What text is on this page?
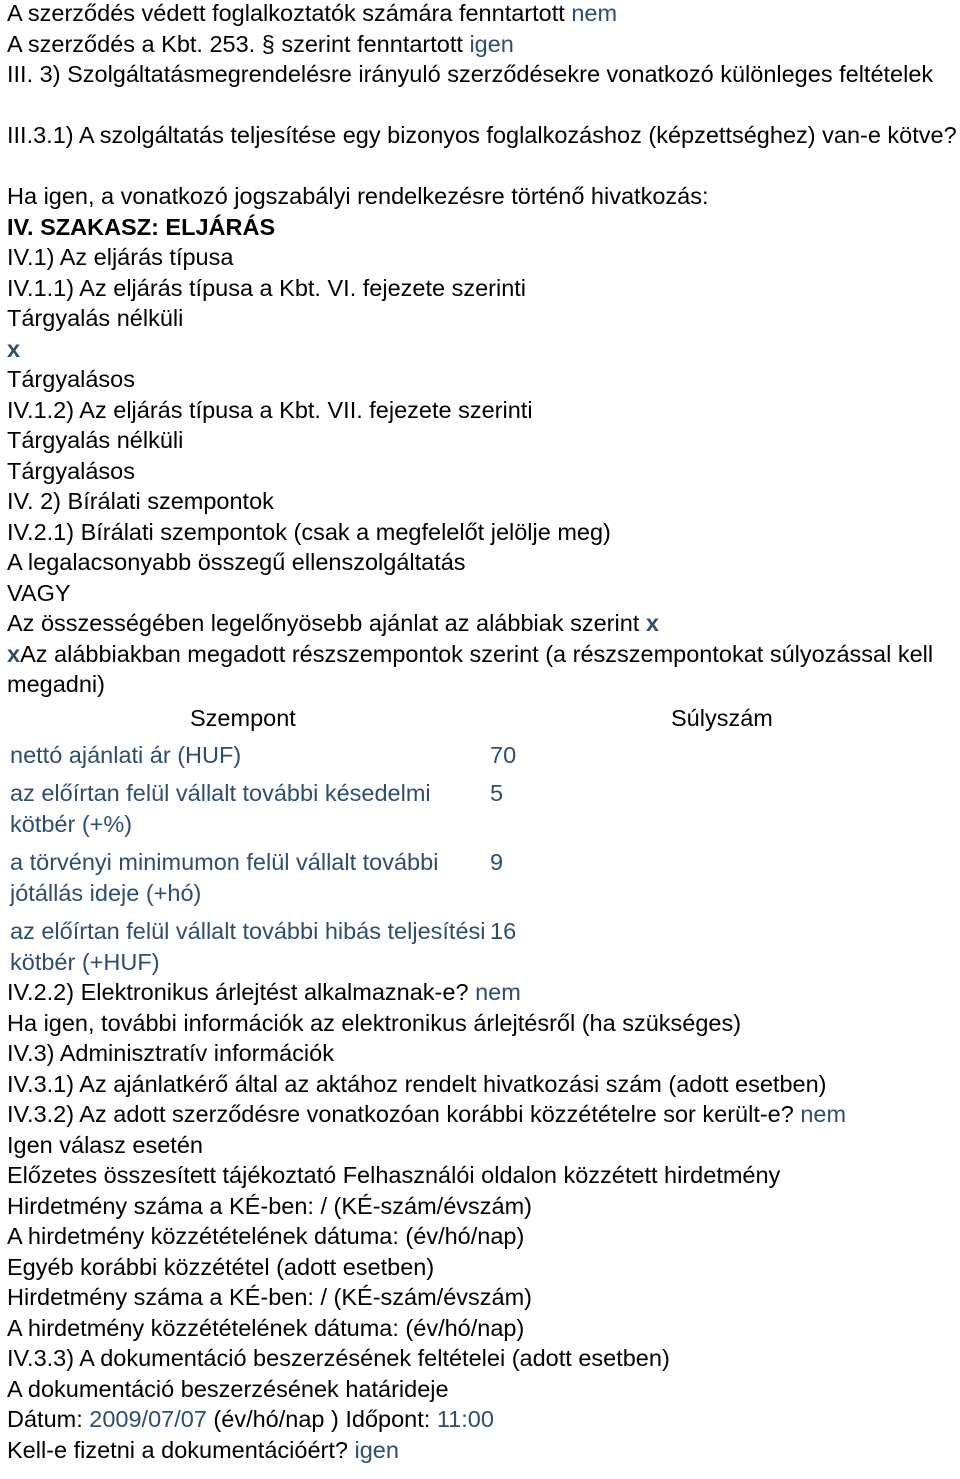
A szerződés védett foglalkoztatók számára fenntartott nem
A szerződés a Kbt. 253. § szerint fenntartott igen
III. 3) Szolgáltatásmegrendelésre irányuló szerződésekre vonatkozó különleges feltételek
III.3.1) A szolgáltatás teljesítése egy bizonyos foglalkozáshoz (képzettséghez) van-e kötve?
Ha igen, a vonatkozó jogszabályi rendelkezésre történő hivatkozás:
IV. SZAKASZ: ELJÁRÁS
IV.1) Az eljárás típusa
IV.1.1) Az eljárás típusa a Kbt. VI. fejezete szerinti
Tárgyalás nélküli
x
Tárgyalásos
IV.1.2) Az eljárás típusa a Kbt. VII. fejezete szerinti
Tárgyalás nélküli
Tárgyalásos
IV. 2) Bírálati szempontok
IV.2.1) Bírálati szempontok (csak a megfelelőt jelölje meg)
A legalacsonyabb összegű ellenszolgáltatás
VAGY
Az összességében legelőnyösebb ajánlat az alábbiak szerint x
xAz alábbiakban megadott részszempontok szerint (a részszempontokat súlyozással kell megadni)
Szempont	Súlyszám
nettó ajánlati ár (HUF)	70
az előírtan felül vállalt további késedelmi kötbér (+%)	5
a törvényi minimumon felül vállalt további jótállás ideje (+hó)	9
az előírtan felül vállalt további hibás teljesítési kötbér (+HUF)	16
IV.2.2) Elektronikus árlejtést alkalmaznak-e? nem
Ha igen, további információk az elektronikus árlejtésről (ha szükséges)
IV.3) Adminisztratív információk
IV.3.1) Az ajánlatkérő által az aktához rendelt hivatkozási szám (adott esetben)
IV.3.2) Az adott szerződésre vonatkozóan korábbi közzétételre sor került-e? nem
Igen válasz esetén
Előzetes összesített tájékoztató Felhasználói oldalon közzétett hirdetmény
Hirdetmény száma a KÉ-ben: / (KÉ-szám/évszám)
A hirdetmény közzétételének dátuma: (év/hó/nap)
Egyéb korábbi közzététel (adott esetben)
Hirdetmény száma a KÉ-ben: / (KÉ-szám/évszám)
A hirdetmény közzétételének dátuma: (év/hó/nap)
IV.3.3) A dokumentáció beszerzésének feltételei (adott esetben)
A dokumentáció beszerzésének határideje
Dátum: 2009/07/07 (év/hó/nap ) Időpont: 11:00
Kell-e fizetni a dokumentációért? igen
